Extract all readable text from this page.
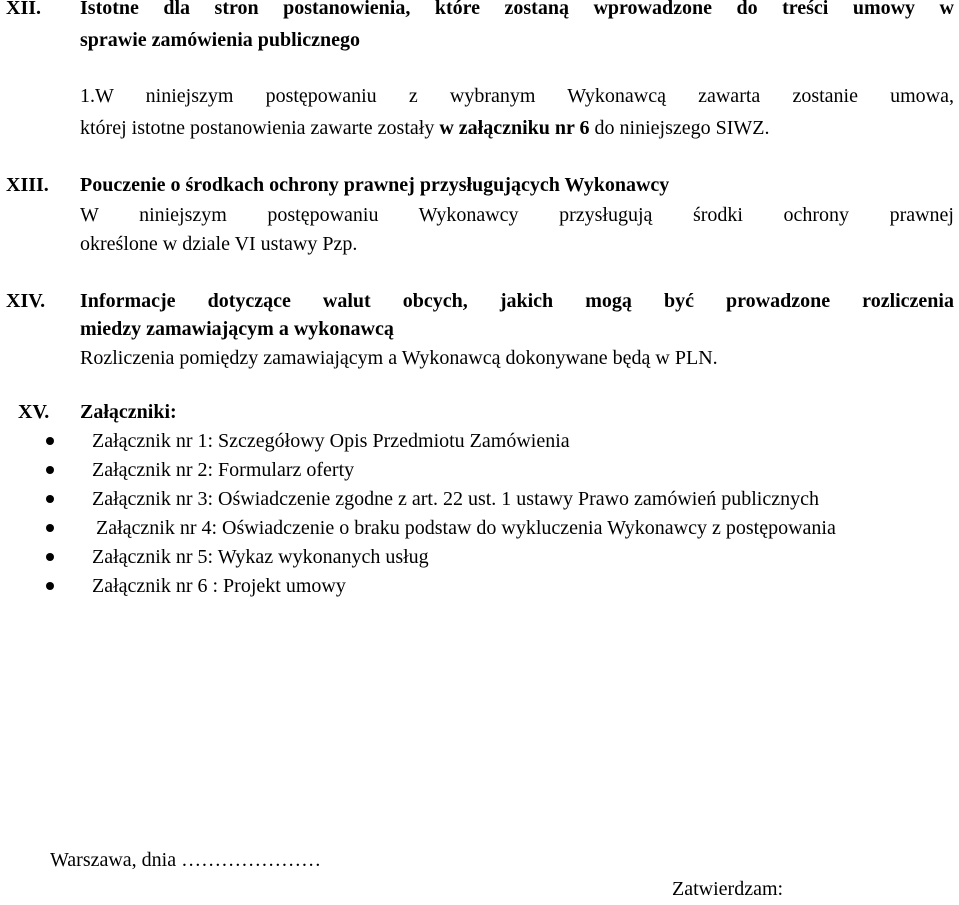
XII. Istotne dla stron postanowienia, które zostaną wprowadzone do treści umowy w
sprawie zamówienia publicznego
1.W niniejszym postępowaniu z wybranym Wykonawcą zawarta zostanie umowa,
której istotne postanowienia zawarte zostały w załączniku nr 6 do niniejszego SIWZ.
XIII. Pouczenie o środkach ochrony prawnej przysługujących Wykonawcy
W niniejszym postępowaniu Wykonawcy przysługują środki ochrony prawnej
określone w dziale VI ustawy Pzp.
XIV. Informacje dotyczące walut obcych, jakich mogą być prowadzone rozliczenia
miedzy zamawiającym a wykonawcą
Rozliczenia pomiędzy zamawiającym a Wykonawcą dokonywane będą w PLN.
XV. Załączniki:
Załącznik nr 1: Szczegółowy Opis Przedmiotu Zamówienia
Załącznik nr 2: Formularz oferty
Załącznik nr 3: Oświadczenie zgodne z art. 22 ust. 1 ustawy Prawo zamówień publicznych
Załącznik nr 4: Oświadczenie o braku podstaw do wykluczenia Wykonawcy z postępowania
Załącznik nr 5: Wykaz wykonanych usług
Załącznik nr 6 : Projekt umowy
Warszawa, dnia …………………
Zatwierdzam:
